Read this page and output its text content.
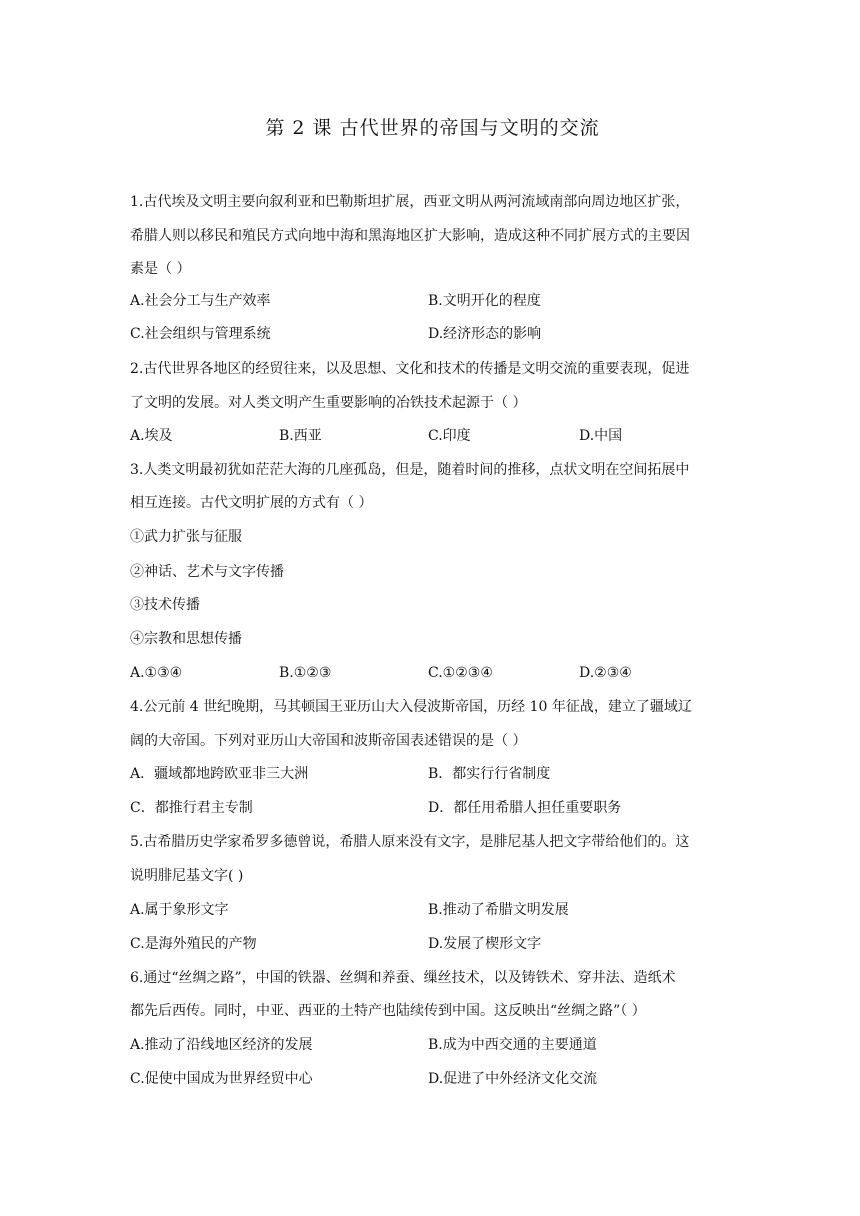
第 2 课 古代世界的帝国与文明的交流
1.古代埃及文明主要向叙利亚和巴勒斯坦扩展，西亚文明从两河流域南部向周边地区扩张，
希腊人则以移民和殖民方式向地中海和黑海地区扩大影响，造成这种不同扩展方式的主要因
素是（ ）
A.社会分工与生产效率	B.文明开化的程度
C.社会组织与管理系统	D.经济形态的影响
2.古代世界各地区的经贸往来，以及思想、文化和技术的传播是文明交流的重要表现，促进
了文明的发展。对人类文明产生重要影响的冶铁技术起源于（ ）
A.埃及	B.西亚	C.印度	D.中国
3.人类文明最初犹如茫茫大海的几座孤岛，但是，随着时间的推移，点状文明在空间拓展中
相互连接。古代文明扩展的方式有（ ）
①武力扩张与征服
②神话、艺术与文字传播
③技术传播
④宗教和思想传播
A.①③④	B.①②③	C.①②③④	D.②③④
4.公元前 4 世纪晚期，马其顿国王亚历山大入侵波斯帝国，历经 10 年征战，建立了疆域辽
阔的大帝国。下列对亚历山大帝国和波斯帝国表述错误的是（ ）
A．疆域都地跨欧亚非三大洲	B．都实行行省制度
C．都推行君主专制	D．都任用希腊人担任重要职务
5.古希腊历史学家希罗多德曾说，希腊人原来没有文字，是腓尼基人把文字带给他们的。这
说明腓尼基文字( )
A.属于象形文字	B.推动了希腊文明发展
C.是海外殖民的产物	D.发展了楔形文字
6.通过“丝绸之路”，中国的铁器、丝绸和养蚕、缫丝技术，以及铸铁术、穿井法、造纸术
都先后西传。同时，中亚、西亚的土特产也陆续传到中国。这反映出“丝绸之路”（ ）
A.推动了沿线地区经济的发展	B.成为中西交通的主要通道
C.促使中国成为世界经贸中心	D.促进了中外经济文化交流
